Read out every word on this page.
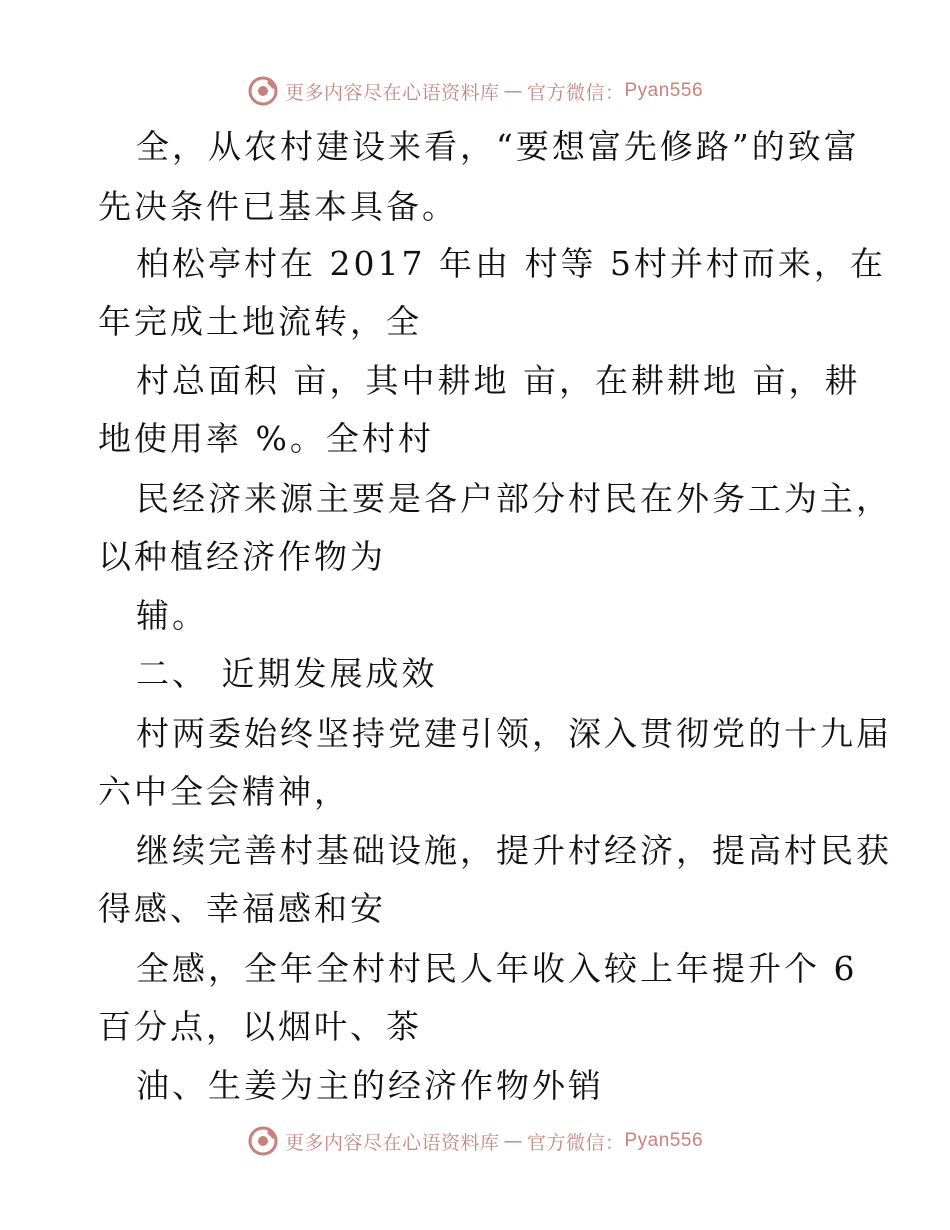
更多内容尽在心语资料库 — 官方微信： Pyan556
全，从农村建设来看，“要想富先修路”的致富
先决条件已基本具备。
柏松亭村在 2017 年由 村等 5村并村而来，在
年完成土地流转，全
村总面积 亩，其中耕地 亩，在耕耕地 亩，耕
地使用率 %。全村村
民经济来源主要是各户部分村民在外务工为主，
以种植经济作物为
辅。
二、 近期发展成效
村两委始终坚持党建引领，深入贯彻党的十九届
六中全会精神，
继续完善村基础设施，提升村经济，提高村民获
得感、幸福感和安
全感，全年全村村民人年收入较上年提升个 6
百分点，以烟叶、茶
油、生姜为主的经济作物外销
更多内容尽在心语资料库 — 官方微信： Pyan556
